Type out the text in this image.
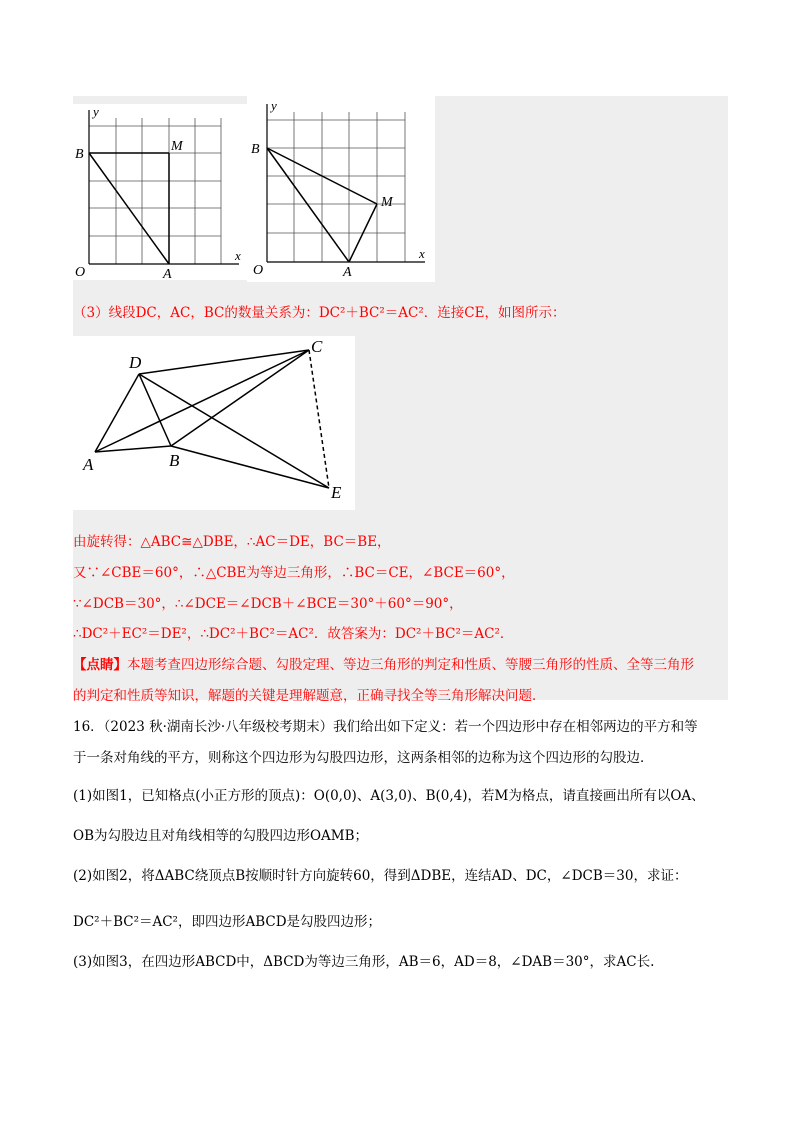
y
x
B
M
O	A
y
x
B
M
O	A
（3）线段DC，AC，BC的数量关系为：DC²＋BC²＝AC²．连接CE，如图所示：
D
C
A	B
E
由旋转得：△ABC≅△DBE，∴AC＝DE，BC＝BE，
又∵∠CBE＝60°，∴△CBE为等边三角形，∴BC＝CE，∠BCE＝60°，
∵∠DCB＝30°，∴∠DCE＝∠DCB＋∠BCE＝30°＋60°＝90°，
∴DC²＋EC²＝DE²，∴DC²＋BC²＝AC²．故答案为：DC²＋BC²＝AC²．
【点睛】本题考查四边形综合题、勾股定理、等边三角形的判定和性质、等腰三角形的性质、全等三角形
的判定和性质等知识，解题的关键是理解题意，正确寻找全等三角形解决问题．
16．（2023 秋·湖南长沙·八年级校考期末）我们给出如下定义：若一个四边形中存在相邻两边的平方和等
于一条对角线的平方，则称这个四边形为勾股四边形，这两条相邻的边称为这个四边形的勾股边．
(1)如图1，已知格点(小正方形的顶点)：O(0,0)、A(3,0)、B(0,4)，若M为格点，请直接画出所有以OA、
OB为勾股边且对角线相等的勾股四边形OAMB；
(2)如图2，将ΔABC绕顶点B按顺时针方向旋转60，得到ΔDBE，连结AD、DC，∠DCB＝30，求证：
DC²＋BC²＝AC²，即四边形ABCD是勾股四边形；
(3)如图3，在四边形ABCD中，ΔBCD为等边三角形，AB＝6，AD＝8，∠DAB＝30°，求AC长.
